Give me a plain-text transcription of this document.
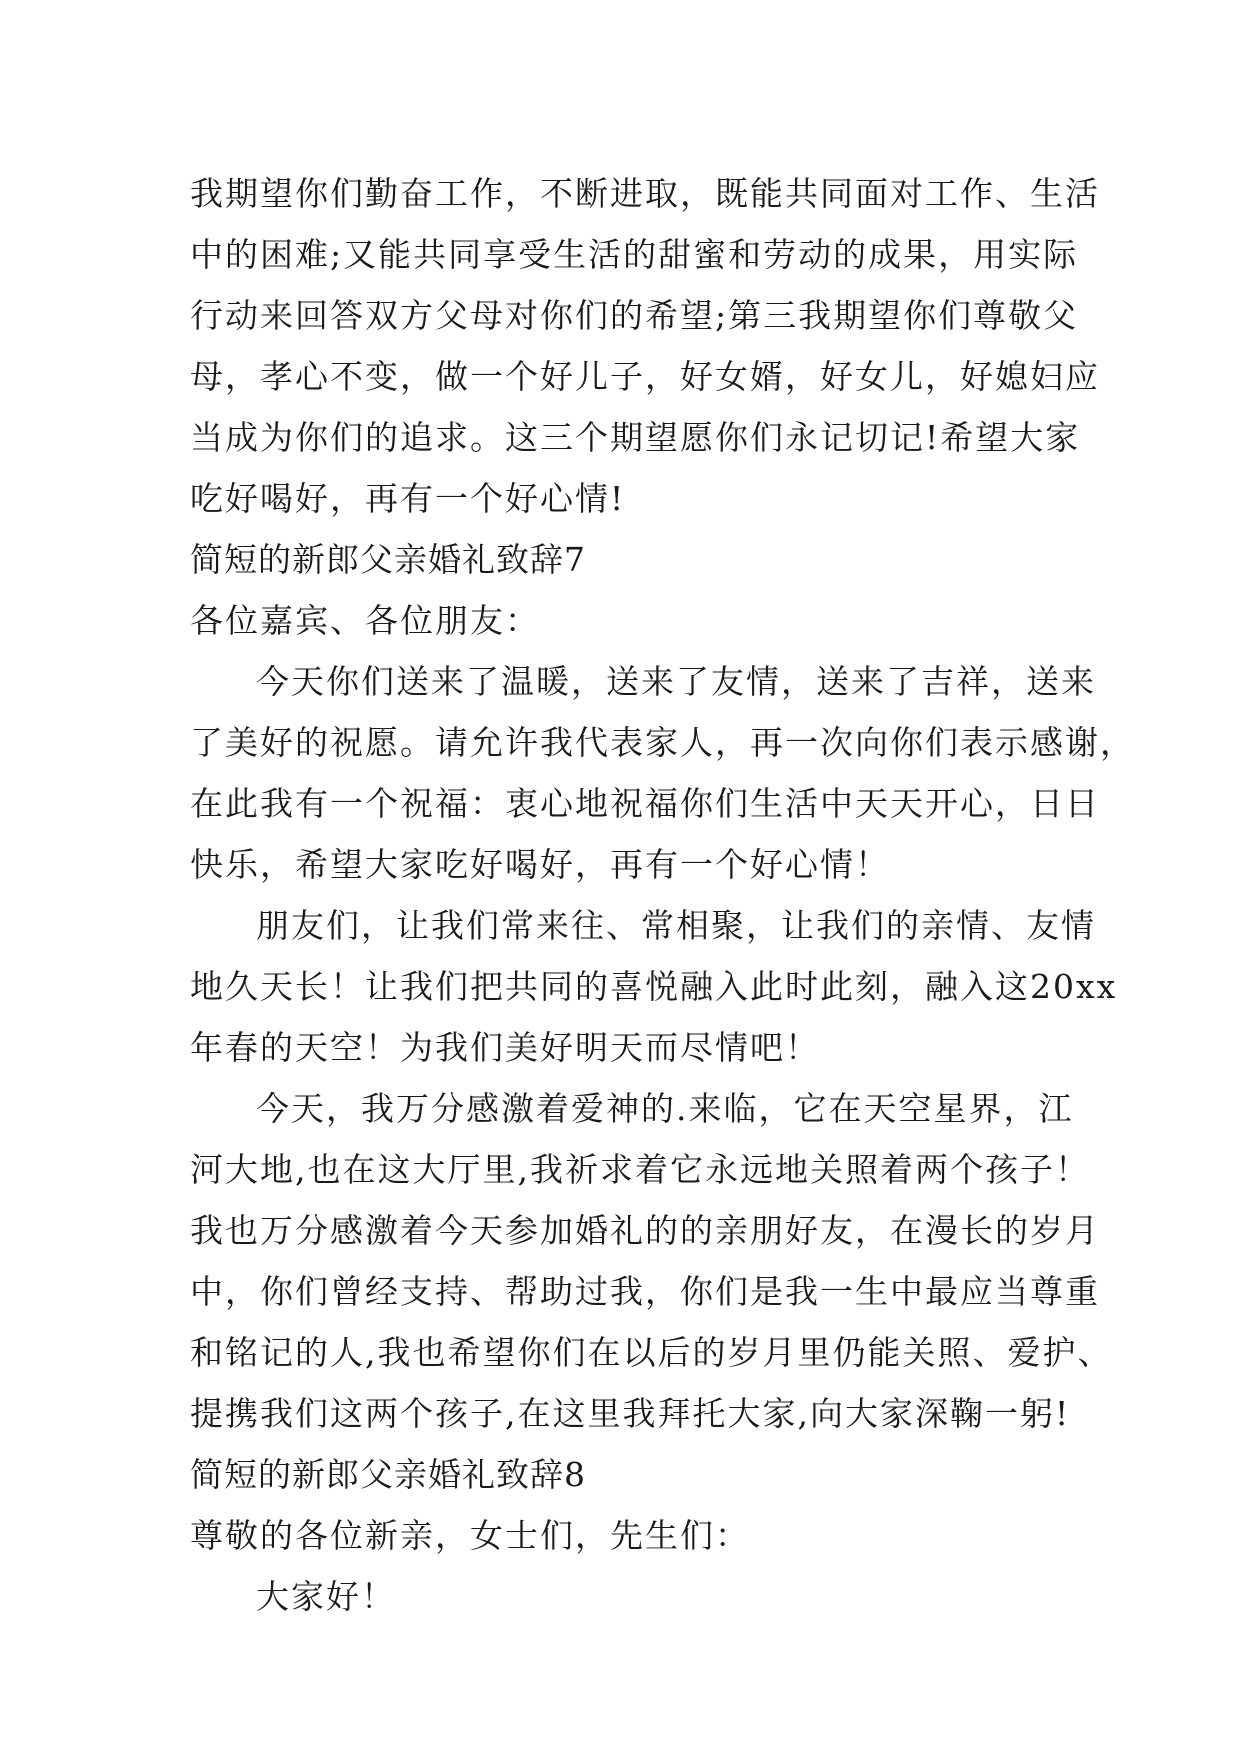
我期望你们勤奋工作，不断进取，既能共同面对工作、生活
中的困难;又能共同享受生活的甜蜜和劳动的成果，用实际
行动来回答双方父母对你们的希望;第三我期望你们尊敬父
母，孝心不变，做一个好儿子，好女婿，好女儿，好媳妇应
当成为你们的追求。这三个期望愿你们永记切记!希望大家
吃好喝好，再有一个好心情!
简短的新郎父亲婚礼致辞7
各位嘉宾、各位朋友：
今天你们送来了温暖，送来了友情，送来了吉祥，送来
了美好的祝愿。请允许我代表家人，再一次向你们表示感谢，
在此我有一个祝福：衷心地祝福你们生活中天天开心，日日
快乐，希望大家吃好喝好，再有一个好心情！
朋友们，让我们常来往、常相聚，让我们的亲情、友情
地久天长！让我们把共同的喜悦融入此时此刻，融入这20xx
年春的天空！为我们美好明天而尽情吧！
今天，我万分感激着爱神的.来临，它在天空星界，江
河大地,也在这大厅里,我祈求着它永远地关照着两个孩子！
我也万分感激着今天参加婚礼的的亲朋好友，在漫长的岁月
中，你们曾经支持、帮助过我，你们是我一生中最应当尊重
和铭记的人,我也希望你们在以后的岁月里仍能关照、爱护、
提携我们这两个孩子,在这里我拜托大家,向大家深鞠一躬!
简短的新郎父亲婚礼致辞8
尊敬的各位新亲，女士们，先生们：
大家好！
